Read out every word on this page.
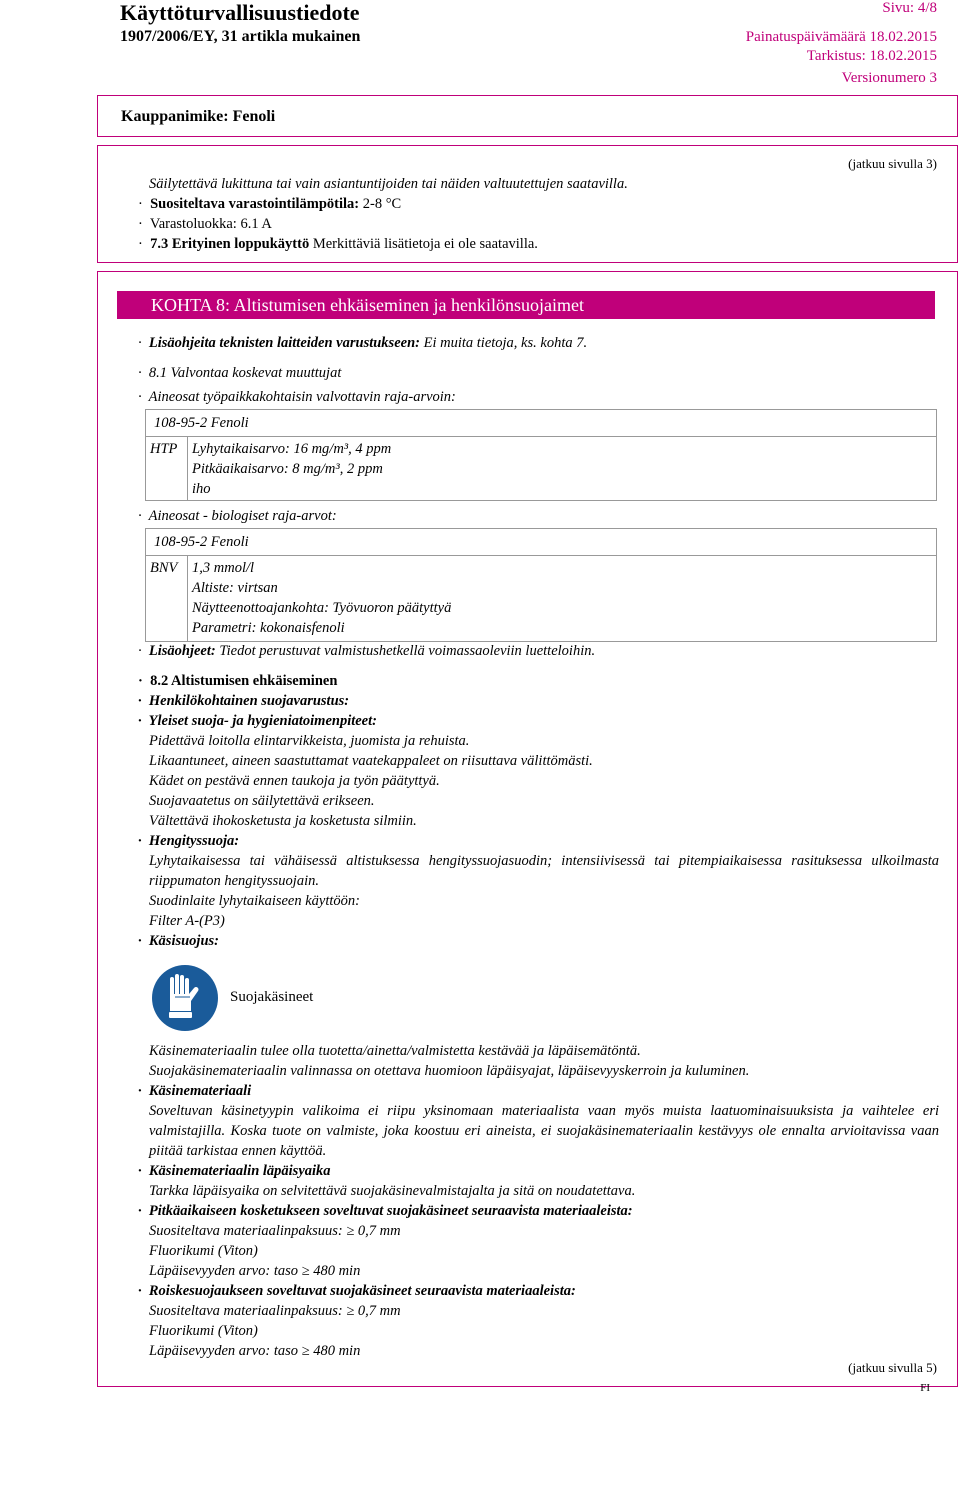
Käyttöturvallisuustiedote	Sivu: 4/8
1907/2006/EY, 31 artikla mukainen	Painatuspäivämäärä 18.02.2015
Tarkistus: 18.02.2015
Versionumero 3
Kauppanimike: Fenoli
(jatkuu sivulla 3)
Säilytettävä lukittuna tai vain asiantuntijoiden tai näiden valtuutettujen saatavilla.
· Suositeltava varastointilämpötila: 2-8 °C
· Varastoluokka: 6.1 A
· 7.3 Erityinen loppukäyttö Merkittäviä lisätietoja ei ole saatavilla.
KOHTA 8: Altistumisen ehkäiseminen ja henkilönsuojaimet
· Lisäohjeita teknisten laitteiden varustukseen: Ei muita tietoja, ks. kohta 7.
· 8.1 Valvontaa koskevat muuttujat
· Aineosat työpaikkakohtaisin valvottavin raja-arvoin:
108-95-2 Fenoli
HTP Lyhytaikaisarvo: 16 mg/m³, 4 ppm
Pitkäaikaisarvo: 8 mg/m³, 2 ppm
iho
· Aineosat - biologiset raja-arvot:
108-95-2 Fenoli
BNV 1,3 mmol/l
Altiste: virtsan
Näytteenottoajankohta: Työvuoron päätyttyä
Parametri: kokonaisfenoli
· Lisäohjeet: Tiedot perustuvat valmistushetkellä voimassaoleviin luetteloihin.
· 8.2 Altistumisen ehkäiseminen
· Henkilökohtainen suojavarustus:
· Yleiset suoja- ja hygieniatoimenpiteet:
Pidettävä loitolla elintarvikkeista, juomista ja rehuista.
Likaantuneet, aineen saastuttamat vaatekappaleet on riisuttava välittömästi.
Kädet on pestävä ennen taukoja ja työn päätyttyä.
Suojavaatetus on säilytettävä erikseen.
Vältettävä ihokosketusta ja kosketusta silmiin.
· Hengityssuoja:
Lyhytaikaisessa tai vähäisessä altistuksessa hengityssuojasuodin; intensiivisessä tai pitempiaikaisessa rasituksessa ulkoilmasta riippumaton hengityssuojain.
Suodinlaite lyhytaikaiseen käyttöön:
Filter A-(P3)
· Käsisuojus:
Suojakäsineet
Käsinemateriaalin tulee olla tuotetta/ainetta/valmistetta kestävää ja läpäisemätöntä.
Suojakäsinemateriaalin valinnassa on otettava huomioon läpäisyajat, läpäisevyyskerroin ja kuluminen.
· Käsinemateriaali
Soveltuvan käsinetyypin valikoima ei riipu yksinomaan materiaalista vaan myös muista laatuominaisuuksista ja vaihtelee eri valmistajilla. Koska tuote on valmiste, joka koostuu eri aineista, ei suojakäsinemateriaalin kestävyys ole ennalta arvioitavissa vaan piitää tarkistaa ennen käyttöä.
· Käsinemateriaalin läpäisyaika
Tarkka läpäisyaika on selvitettävä suojakäsinevalmistajalta ja sitä on noudatettava.
· Pitkäaikaiseen kosketukseen soveltuvat suojakäsineet seuraavista materiaaleista:
Suositeltava materiaalinpaksuus: ≥ 0,7 mm
Fluorikumi (Viton)
Läpäisevyyden arvo: taso ≥ 480 min
· Roiskesuojaukseen soveltuvat suojakäsineet seuraavista materiaaleista:
Suositeltava materiaalinpaksuus: ≥ 0,7 mm
Fluorikumi (Viton)
Läpäisevyyden arvo: taso ≥ 480 min
(jatkuu sivulla 5)
FI
